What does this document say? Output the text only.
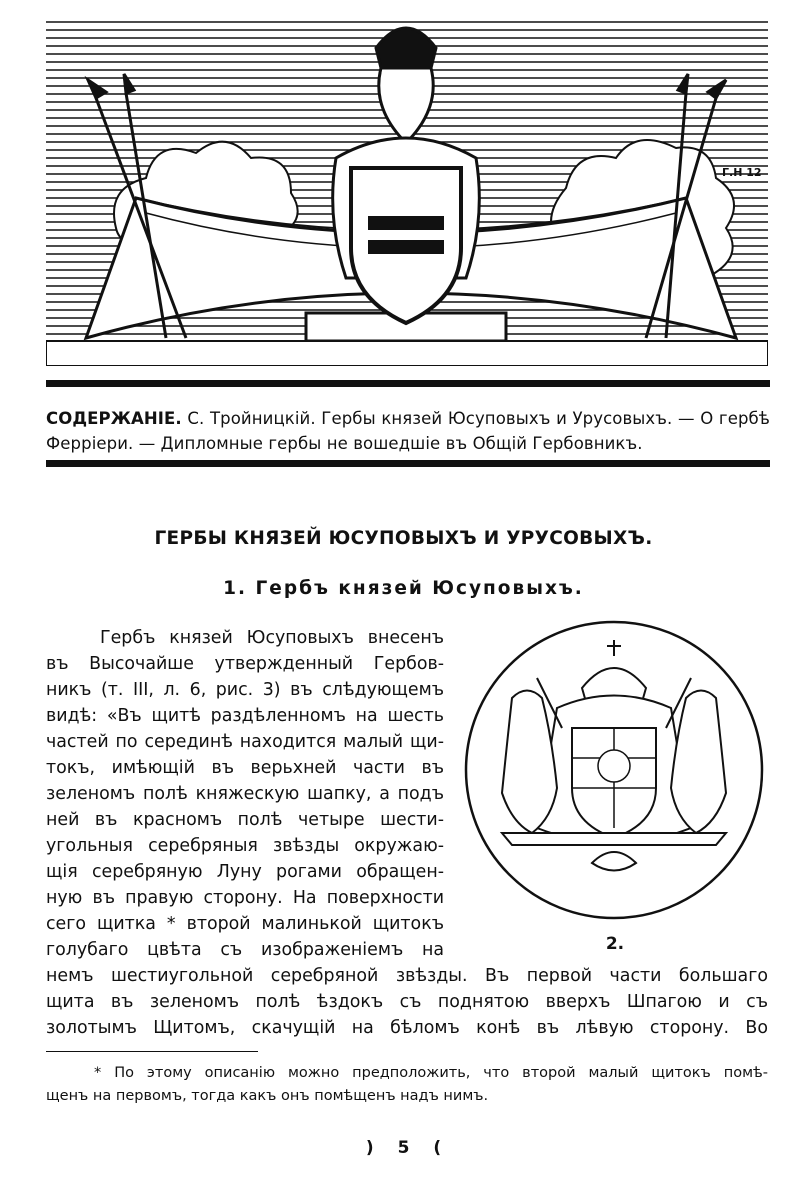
Г.Н 12
СОДЕРЖАНIЕ. С. Тройницкiй. Гербы князей Юсуповыхъ и Урусовыхъ. — О гербѣ Ферріери. — Дипломные гербы не вошедшiе въ Общiй Гербовникъ.
ГЕРБЫ КНЯЗЕЙ ЮСУПОВЫХЪ И УРУСОВЫХЪ.
1. Гербъ князей Юсуповыхъ.
Гербъ князей Юсуповыхъ внесенъ
въ Высочайше утвержденный Гербов-
никъ (т. III, л. 6, рис. 3) въ слѣдующемъ
видѣ: «Въ щитѣ раздѣленномъ на шесть
частей по серединѣ находится малый щи-
токъ, имѣющiй въ верьхней части въ
зеленомъ полѣ княжескую шапку, а подъ
ней въ красномъ полѣ четыре шести-
угольныя серебряныя звѣзды окружаю-
щiя серебряную Луну рогами обращен-
ную въ правую сторону. На поверхности
сего щитка * второй малинькой щитокъ
голубаго цвѣта съ изображенiемъ на
немъ шестиугольной серебряной звѣзды. Въ первой части большаго
щита въ зеленомъ полѣ ѣздокъ съ поднятою вверхъ Шпагою и съ
золотымъ Щитомъ, скачущiй на бѣломъ конѣ въ лѣвую сторону. Во
2.
* По этому описанiю можно предположить, что второй малый щитокъ помѣ-
щенъ на первомъ, тогда какъ онъ помѣщенъ надъ нимъ.
) 5 (
